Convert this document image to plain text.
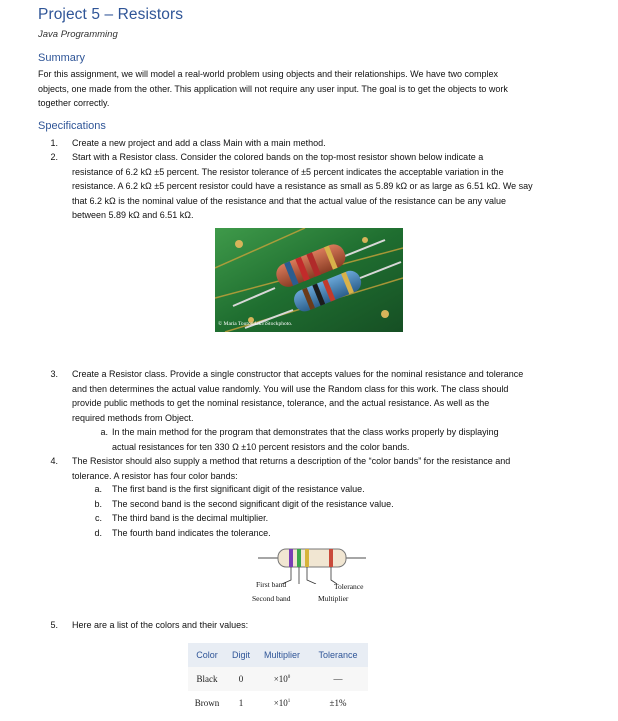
Project 5 – Resistors
Java Programming
Summary
For this assignment, we will model a real-world problem using objects and their relationships. We have two complex
objects, one made from the other. This application will not require any user input. The goal is to get the objects to work
together correctly.
Specifications
1. Create a new project and add a class Main with a main method.
2. Start with a Resistor class. Consider the colored bands on the top-most resistor shown below indicate a
resistance of 6.2 kΩ ±5 percent. The resistor tolerance of ±5 percent indicates the acceptable variation in the
resistance. A 6.2 kΩ ±5 percent resistor could have a resistance as small as 5.89 kΩ or as large as 6.51 kΩ. We say
that 6.2 kΩ is the nominal value of the resistance and that the actual value of the resistance can be any value
between 5.89 kΩ and 6.51 kΩ.
© Maria Toutoudaki/iStockphoto.
3. Create a Resistor class. Provide a single constructor that accepts values for the nominal resistance and tolerance
and then determines the actual value randomly. You will use the Random class for this work. The class should
provide public methods to get the nominal resistance, tolerance, and the actual resistance. As well as the
required methods from Object.
a. In the main method for the program that demonstrates that the class works properly by displaying
actual resistances for ten 330 Ω ±10 percent resistors and the color bands.
4. The Resistor should also supply a method that returns a description of the “color bands” for the resistance and
tolerance. A resistor has four color bands:
a. The first band is the first significant digit of the resistance value.
b. The second band is the second significant digit of the resistance value.
c. The third band is the decimal multiplier.
d. The fourth band indicates the tolerance.
First band
Second band
Tolerance
Multiplier
5. Here are a list of the colors and their values:
Color	Digit	Multiplier	Tolerance
Black	0	$\times 10^0$	—
Brown	1	$\times 10^1$	±1%
